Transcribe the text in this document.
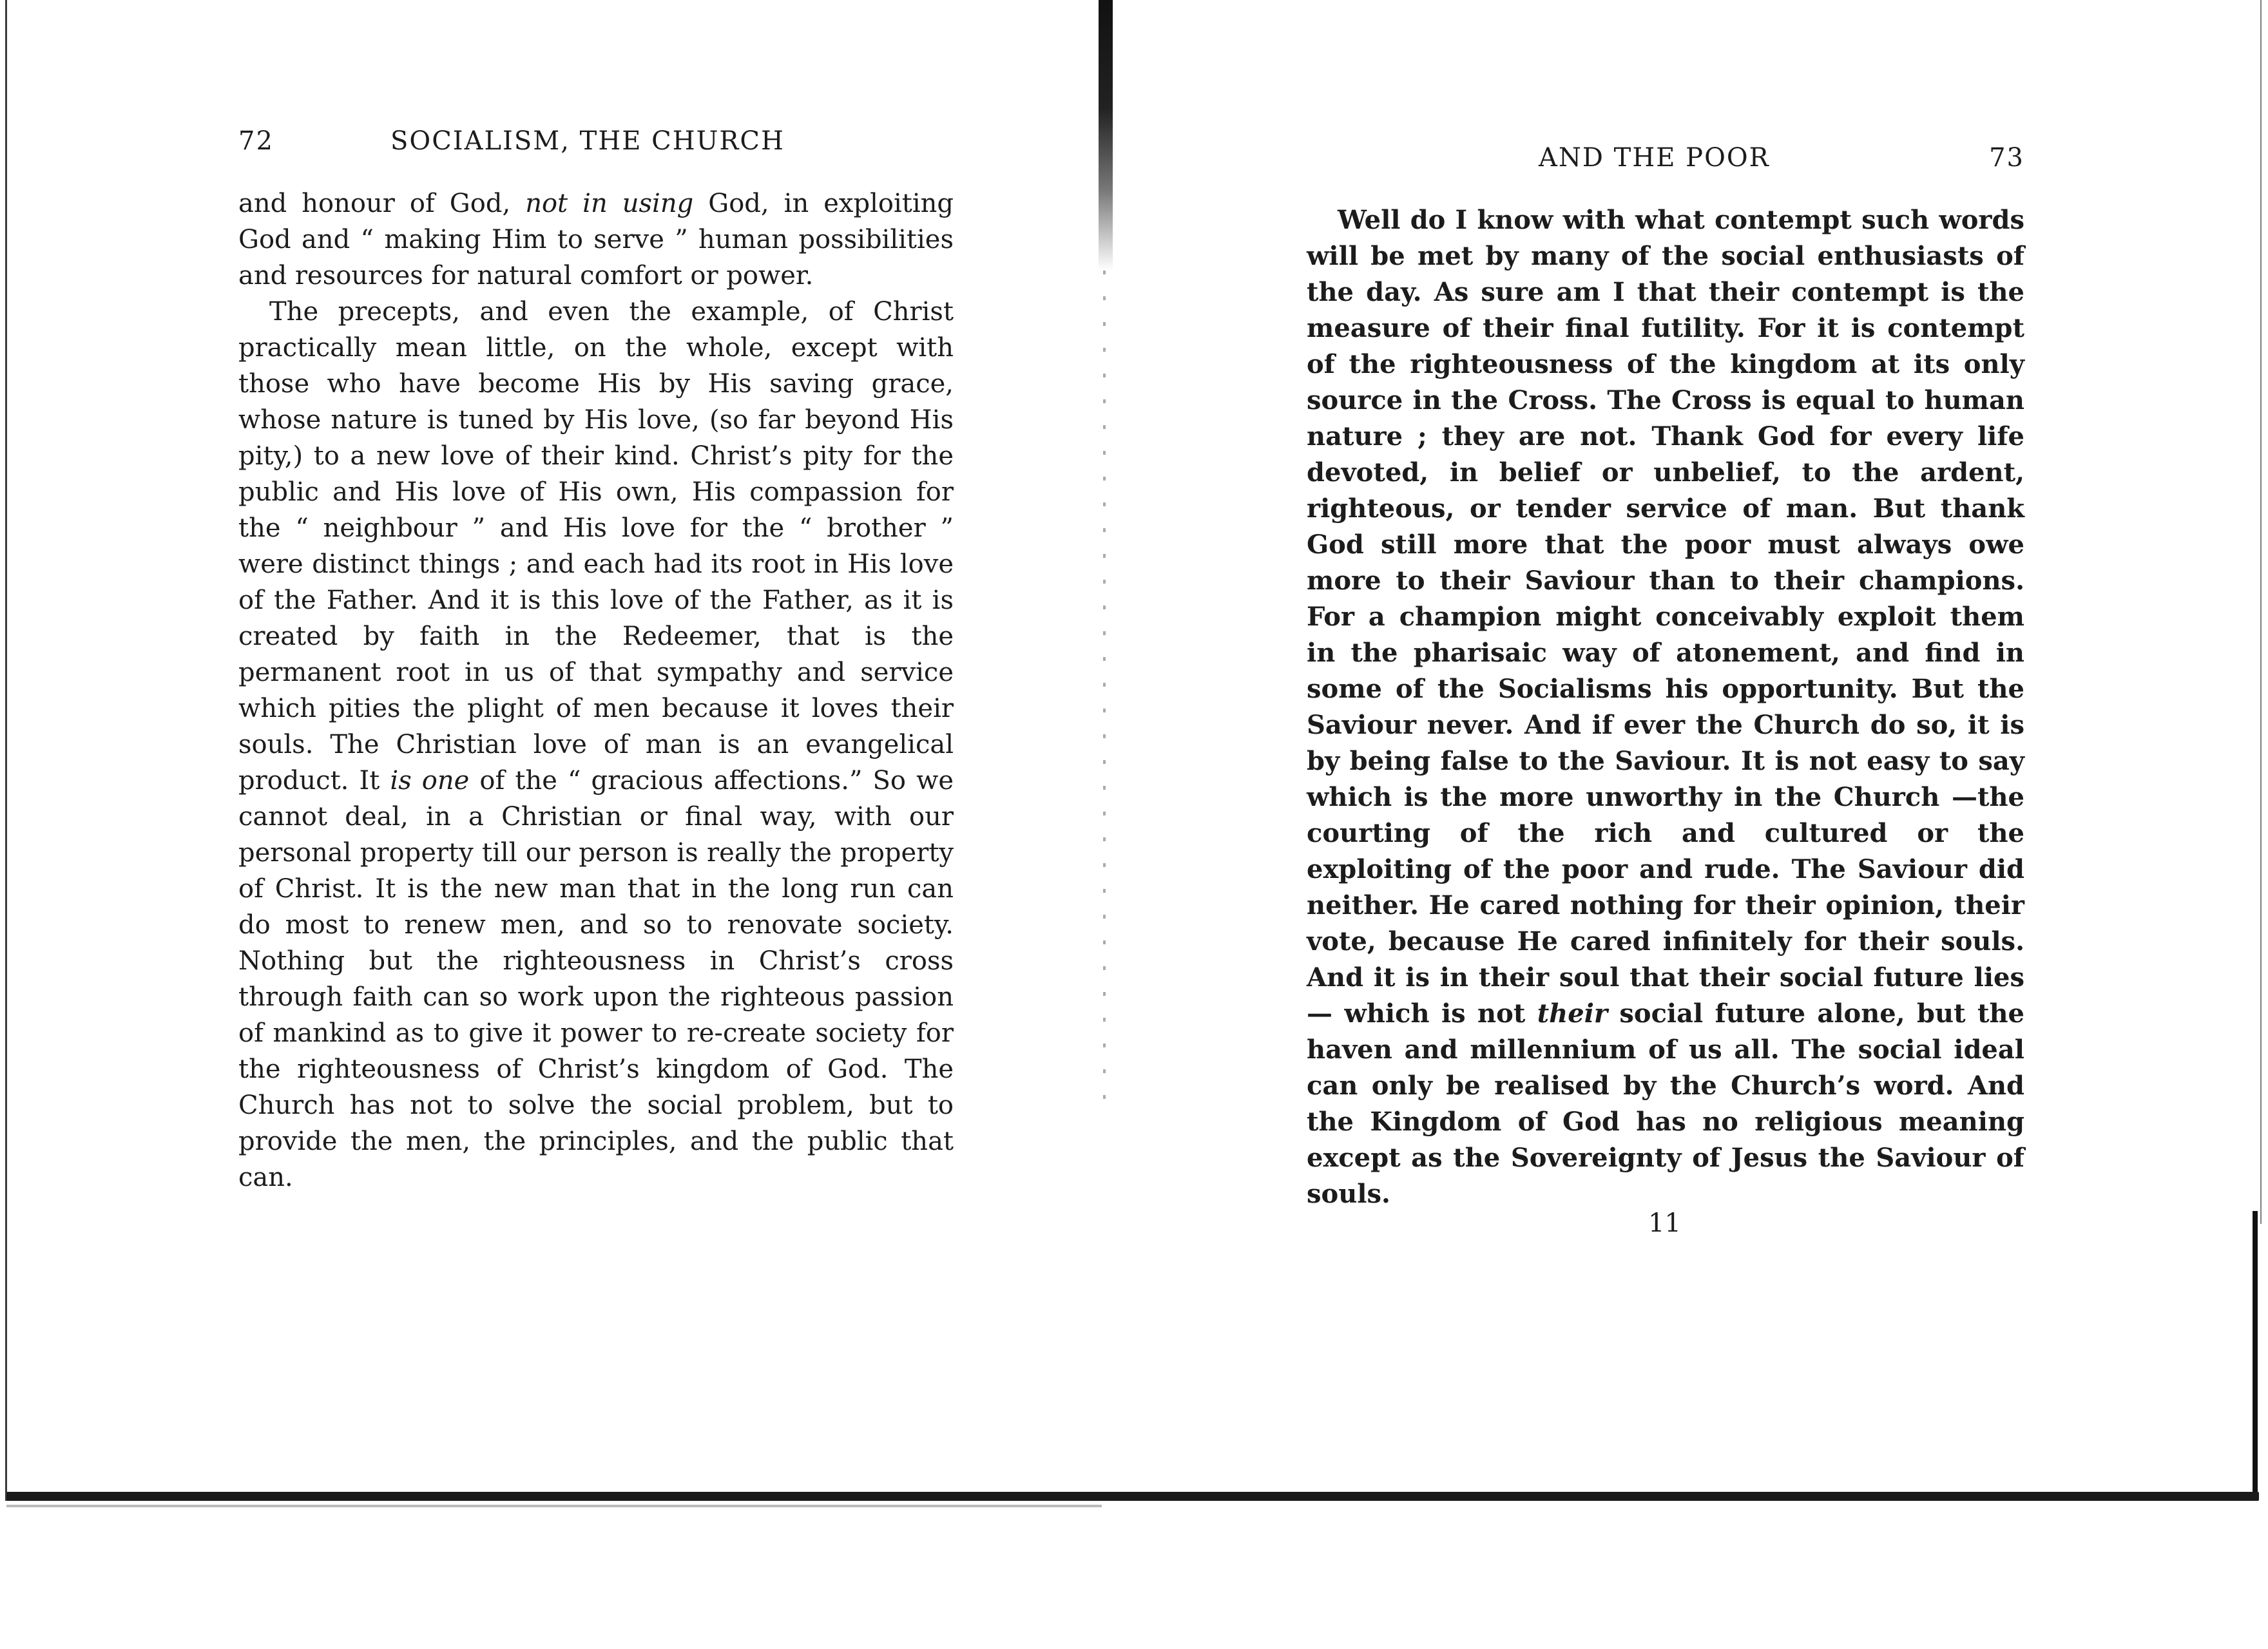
72	SOCIALISM, THE CHURCH

and honour of God, not in using God, in exploiting God and “ making Him to serve ” human possibilities and resources for natural comfort or power.

The precepts, and even the example, of Christ practically mean little, on the whole, except with those who have become His by His saving grace, whose nature is tuned by His love, (so far beyond His pity,) to a new love of their kind. Christ’s pity for the public and His love of His own, His compassion for the “ neighbour ” and His love for the “ brother ” were distinct things ; and each had its root in His love of the Father. And it is this love of the Father, as it is created by faith in the Redeemer, that is the permanent root in us of that sympathy and service which pities the plight of men because it loves their souls. The Christian love of man is an evangelical product. It is one of the “ gracious affections.” So we cannot deal, in a Christian or final way, with our personal property till our person is really the property of Christ. It is the new man that in the long run can do most to renew men, and so to renovate society. Nothing but the righteousness in Christ’s cross through faith can so work upon the righteous passion of mankind as to give it power to re-create society for the righteousness of Christ’s kingdom of God. The Church has not to solve the social problem, but to provide the men, the principles, and the public that can.

AND THE POOR	73

Well do I know with what contempt such words will be met by many of the social enthusiasts of the day. As sure am I that their contempt is the measure of their final futility. For it is contempt of the righteousness of the kingdom at its only source in the Cross. The Cross is equal to human nature ; they are not. Thank God for every life devoted, in belief or unbelief, to the ardent, righteous, or tender service of man. But thank God still more that the poor must always owe more to their Saviour than to their champions. For a champion might conceivably exploit them in the pharisaic way of atonement, and find in some of the Socialisms his opportunity. But the Saviour never. And if ever the Church do so, it is by being false to the Saviour. It is not easy to say which is the more unworthy in the Church —the courting of the rich and cultured or the exploiting of the poor and rude. The Saviour did neither. He cared nothing for their opinion, their vote, because He cared infinitely for their souls. And it is in their soul that their social future lies— which is not their social future alone, but the haven and millennium of us all. The social ideal can only be realised by the Church’s word. And the Kingdom of God has no religious meaning except as the Sovereignty of Jesus the Saviour of souls.

11
